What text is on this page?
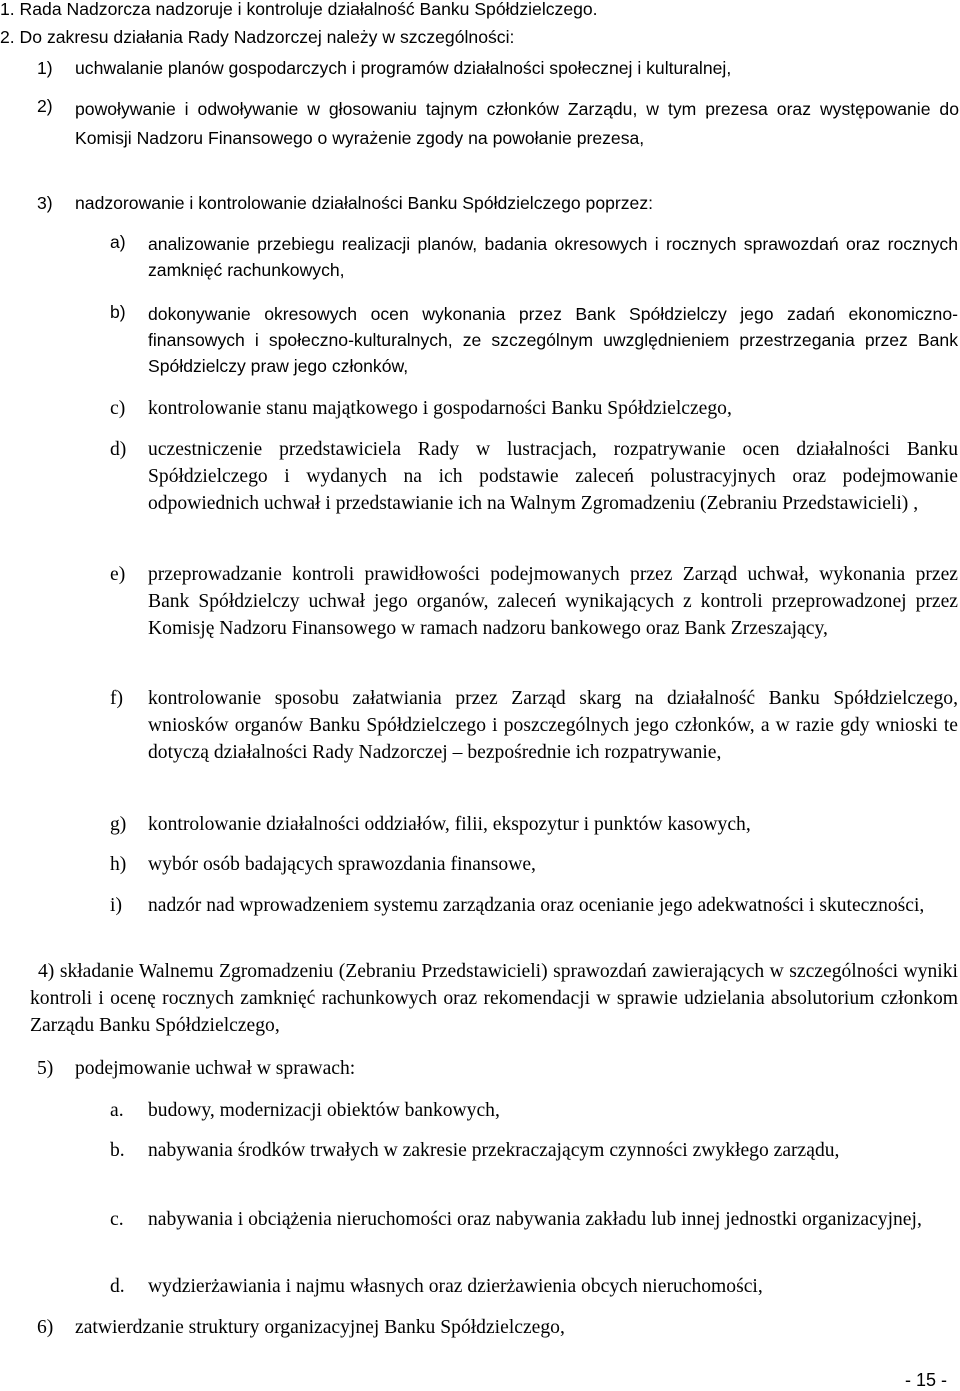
1. Rada Nadzorcza nadzoruje i kontroluje działalność Banku Spółdzielczego.
2. Do zakresu działania Rady Nadzorczej należy w szczególności:
1) uchwalanie planów gospodarczych i programów działalności społecznej i kulturalnej,
2) powoływanie i odwoływanie w głosowaniu tajnym członków Zarządu, w tym prezesa oraz występowanie do Komisji Nadzoru Finansowego o wyrażenie zgody na powołanie prezesa,
3) nadzorowanie i kontrolowanie działalności Banku Spółdzielczego poprzez:
a) analizowanie przebiegu realizacji planów, badania okresowych i rocznych sprawozdań oraz rocznych zamknięć rachunkowych,
b) dokonywanie okresowych ocen wykonania przez Bank Spółdzielczy jego zadań ekonomiczno-finansowych i społeczno-kulturalnych, ze szczególnym uwzględnieniem przestrzegania przez Bank Spółdzielczy praw jego członków,
c) kontrolowanie stanu majątkowego i gospodarności Banku Spółdzielczego,
d) uczestniczenie przedstawiciela Rady w lustracjach, rozpatrywanie ocen działalności Banku Spółdzielczego i wydanych na ich podstawie zaleceń polustracyjnych oraz podejmowanie odpowiednich uchwał i przedstawianie ich na Walnym Zgromadzeniu (Zebraniu Przedstawicieli) ,
e) przeprowadzanie kontroli prawidłowości podejmowanych przez Zarząd uchwał, wykonania przez Bank Spółdzielczy uchwał jego organów, zaleceń wynikających z kontroli przeprowadzonej przez Komisję Nadzoru Finansowego w ramach nadzoru bankowego oraz Bank Zrzeszający,
f) kontrolowanie sposobu załatwiania przez Zarząd skarg na działalność Banku Spółdzielczego, wniosków organów Banku Spółdzielczego i poszczególnych jego członków, a w razie gdy wnioski te dotyczą działalności Rady Nadzorczej – bezpośrednie ich rozpatrywanie,
g) kontrolowanie działalności oddziałów, filii, ekspozytur i punktów kasowych,
h) wybór osób badających sprawozdania finansowe,
i) nadzór nad wprowadzeniem systemu zarządzania oraz ocenianie jego adekwatności i skuteczności,
4) składanie Walnemu Zgromadzeniu (Zebraniu Przedstawicieli) sprawozdań zawierających w szczególności wyniki kontroli i ocenę rocznych zamknięć rachunkowych oraz rekomendacji w sprawie udzielania absolutorium członkom Zarządu Banku Spółdzielczego,
5) podejmowanie uchwał w sprawach:
a. budowy, modernizacji obiektów bankowych,
b. nabywania środków trwałych w zakresie przekraczającym czynności zwykłego zarządu,
c. nabywania i obciążenia nieruchomości oraz nabywania zakładu lub innej jednostki organizacyjnej,
d. wydzierżawiania i najmu własnych oraz dzierżawienia obcych nieruchomości,
6) zatwierdzanie struktury organizacyjnej Banku Spółdzielczego,
- 15 -
